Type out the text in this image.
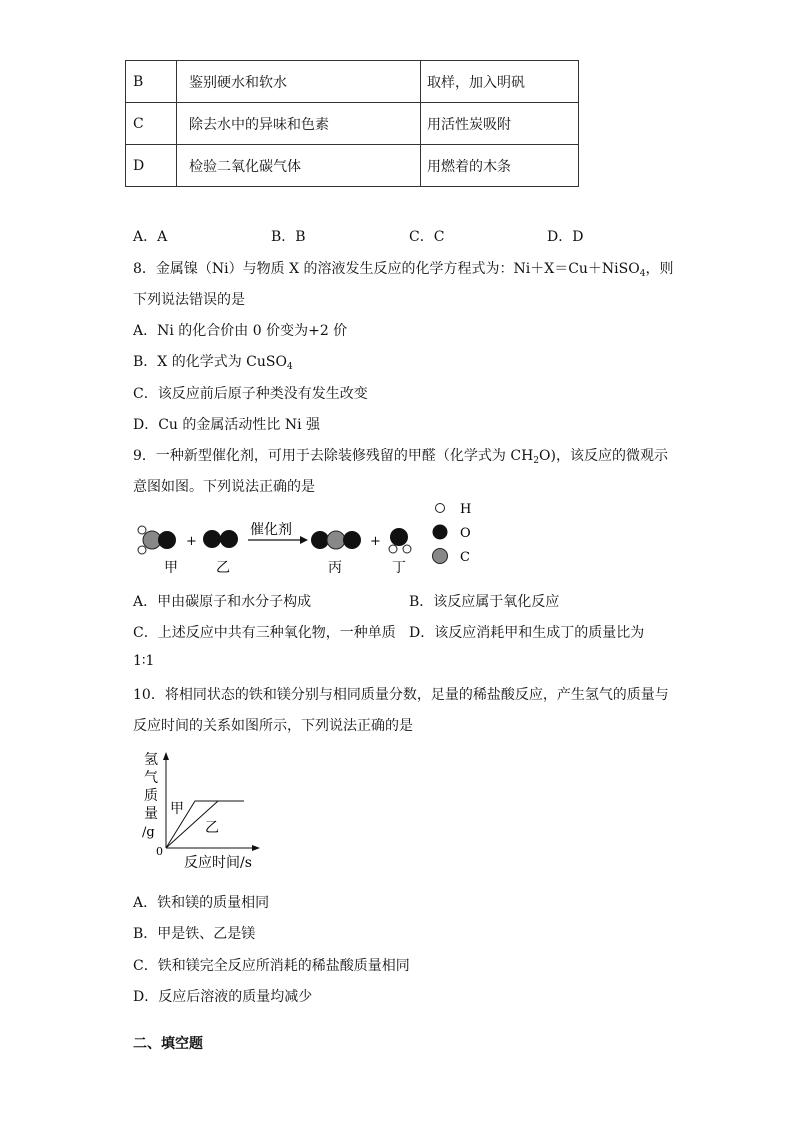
B	鉴别硬水和软水	取样，加入明矾
C	除去水中的异味和色素	用活性炭吸附
D	检验二氧化碳气体	用燃着的木条
A．A	B．B	C．C	D．D
8．金属镍（Ni）与物质 X 的溶液发生反应的化学方程式为：Ni＋X＝Cu＋NiSO$_4$，则
下列说法错误的是
A．Ni 的化合价由 0 价变为+2 价
B．X 的化学式为 CuSO$_4$
C．该反应前后原子种类没有发生改变
D．Cu 的金属活动性比 Ni 强
9．一种新型催化剂，可用于去除装修残留的甲醛（化学式为 $CH_2O$)，该反应的微观示
意图如图。下列说法正确的是
+
催化剂
+
H
O
C
甲	乙	丙	丁
A．甲由碳原子和水分子构成	B．该反应属于氧化反应
C．上述反应中共有三种氧化物，一种单质 D．该反应消耗甲和生成丁的质量比为
1∶1
10．将相同状态的铁和镁分别与相同质量分数，足量的稀盐酸反应，产生氢气的质量与
反应时间的关系如图所示，下列说法正确的是
氢
气
质
量
/g
0
甲
乙
反应时间/s
A．铁和镁的质量相同
B．甲是铁、乙是镁
C．铁和镁完全反应所消耗的稀盐酸质量相同
D．反应后溶液的质量均减少
二、填空题
